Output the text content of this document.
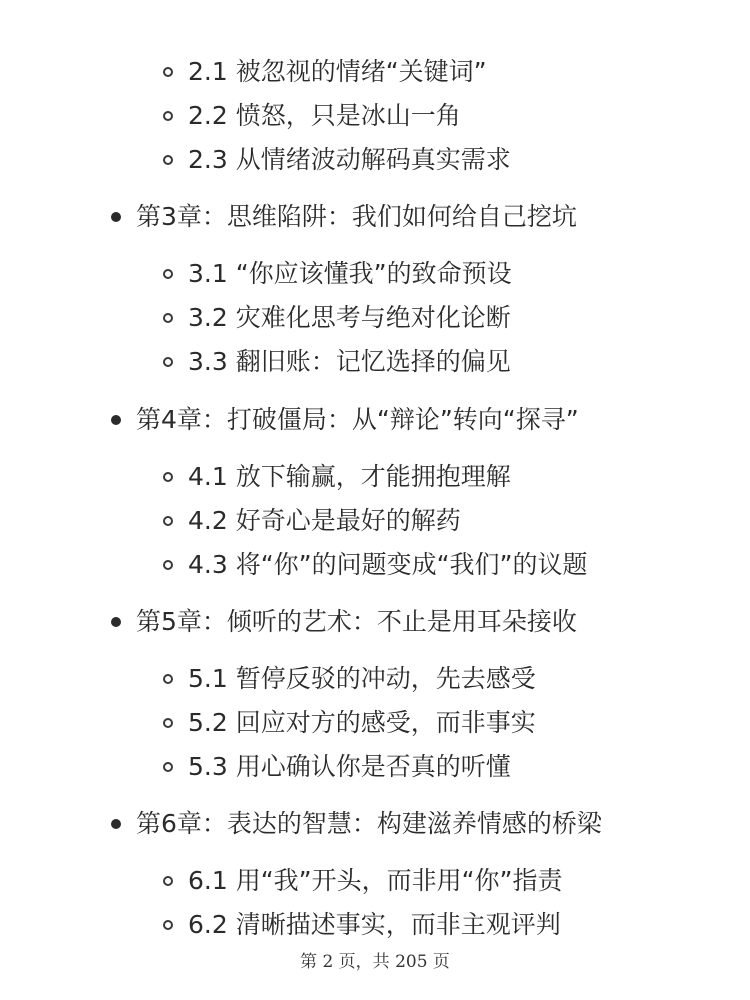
2.1 被忽视的情绪“关键词”
2.2 愤怒，只是冰山一角
2.3 从情绪波动解码真实需求
第3章：思维陷阱：我们如何给自己挖坑
3.1 “你应该懂我”的致命预设
3.2 灾难化思考与绝对化论断
3.3 翻旧账：记忆选择的偏见
第4章：打破僵局：从“辩论”转向“探寻”
4.1 放下输赢，才能拥抱理解
4.2 好奇心是最好的解药
4.3 将“你”的问题变成“我们”的议题
第5章：倾听的艺术：不止是用耳朵接收
5.1 暂停反驳的冲动，先去感受
5.2 回应对方的感受，而非事实
5.3 用心确认你是否真的听懂
第6章：表达的智慧：构建滋养情感的桥梁
6.1 用“我”开头，而非用“你”指责
6.2 清晰描述事实，而非主观评判
第 2 页，共 205 页
